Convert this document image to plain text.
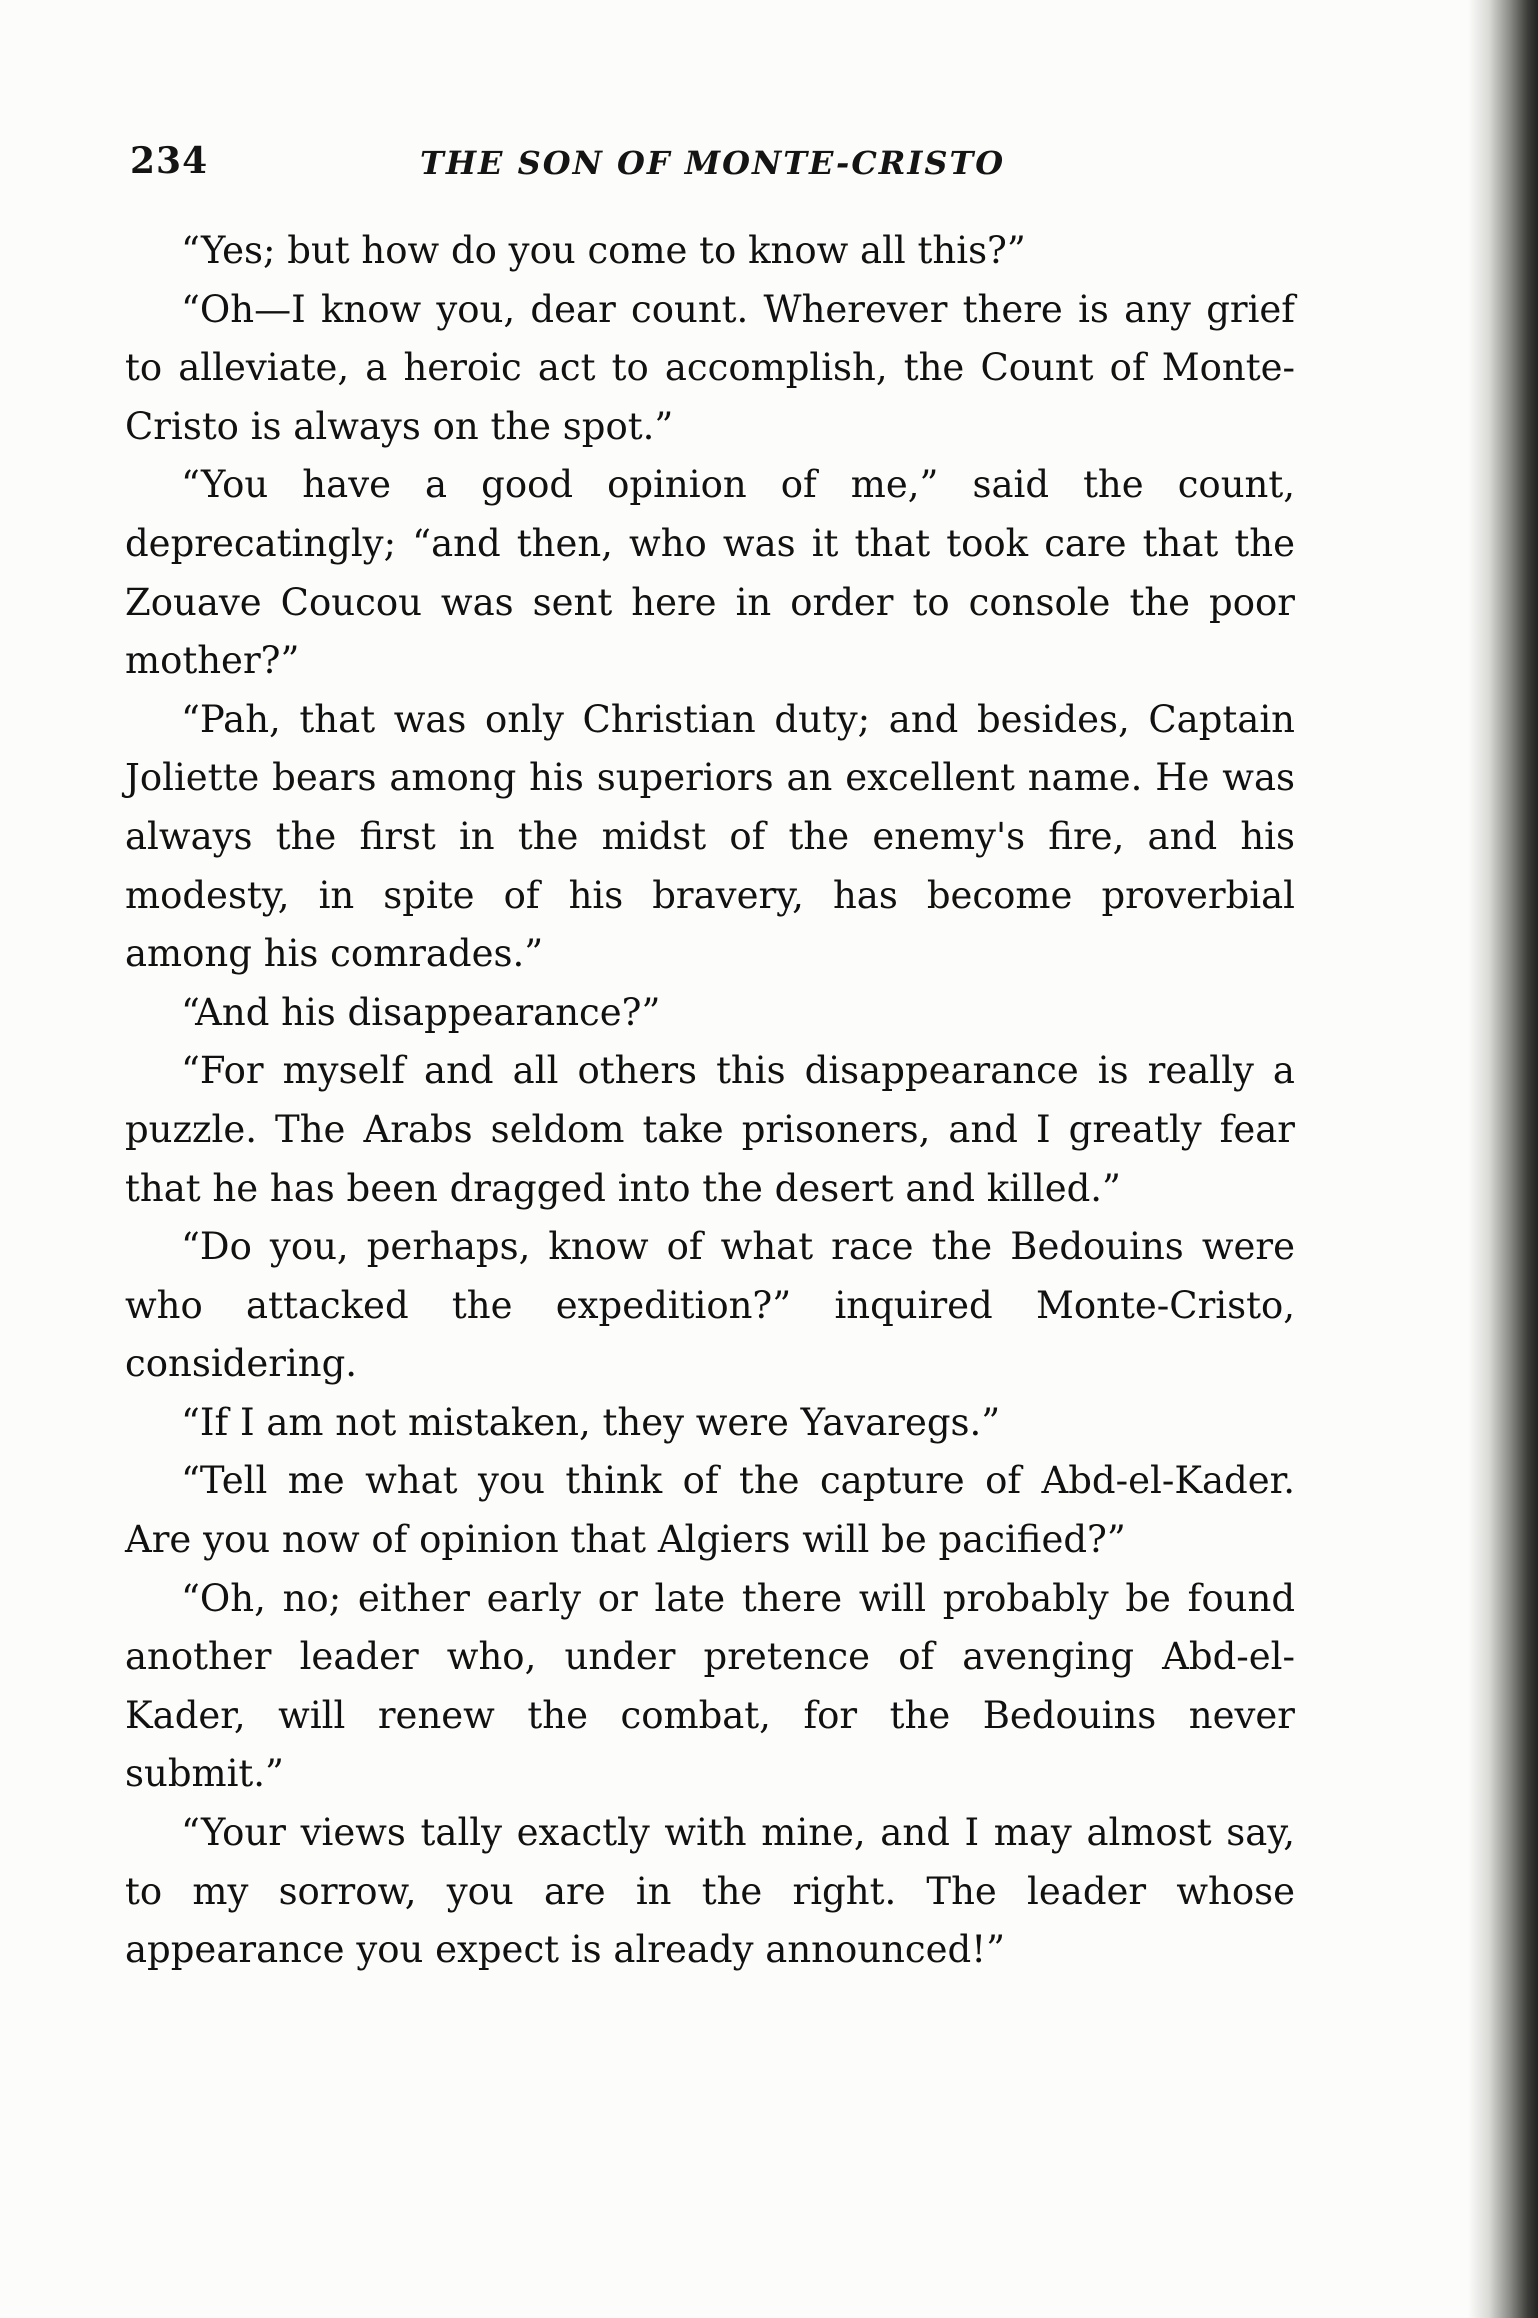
234	THE SON OF MONTE-CRISTO

“Yes; but how do you come to know all this?”

“Oh—I know you, dear count. Wherever there is any grief to alleviate, a heroic act to accomplish, the Count of Monte-Cristo is always on the spot.”

“You have a good opinion of me,” said the count, deprecatingly; “and then, who was it that took care that the Zouave Coucou was sent here in order to console the poor mother?”

“Pah, that was only Christian duty; and besides, Captain Joliette bears among his superiors an excellent name. He was always the first in the midst of the enemy's fire, and his modesty, in spite of his bravery, has become proverbial among his comrades.”

“And his disappearance?”

“For myself and all others this disappearance is really a puzzle. The Arabs seldom take prisoners, and I greatly fear that he has been dragged into the desert and killed.”

“Do you, perhaps, know of what race the Bedouins were who attacked the expedition?” inquired Monte-Cristo, considering.

“If I am not mistaken, they were Yavaregs.”

“Tell me what you think of the capture of Abd-el-Kader. Are you now of opinion that Algiers will be pacified?”

“Oh, no; either early or late there will probably be found another leader who, under pretence of avenging Abd-el-Kader, will renew the combat, for the Bedouins never submit.”

“Your views tally exactly with mine, and I may almost say, to my sorrow, you are in the right. The leader whose appearance you expect is already announced!”
